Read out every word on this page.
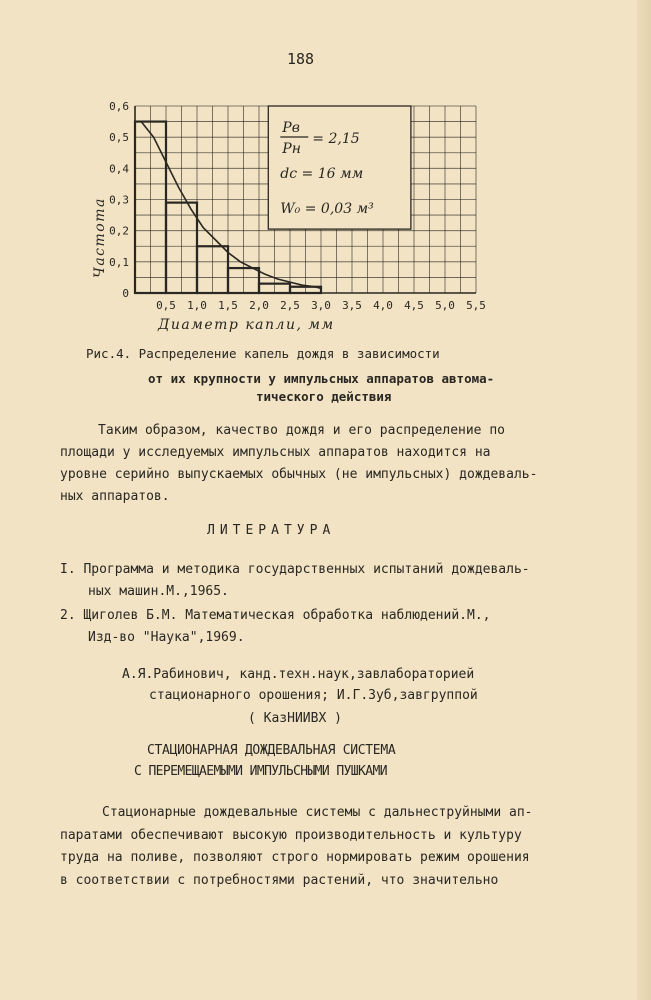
188
0
0,1
0,2
0,3
0,4
0,5
0,6
0,5 1,0 1,5 2,0 2,5 3,0 3,5 4,0 4,5 5,0 5,5
Диаметр капли, мм
Частота
Pв
Pн
= 2,15
dс = 16 мм
W₀ = 0,03 м³
Рис.4. Распределение капель дождя в зависимости
от их крупности у импульсных аппаратов автома-
тического действия
Таким образом, качество дождя и его распределение по
площади у исследуемых импульсных аппаратов находится на
уровне серийно выпускаемых обычных (не импульсных) дождеваль-
ных аппаратов.
ЛИТЕРАТУРА
I. Программа и методика государственных испытаний дождеваль-
ных машин.М.,1965.
2. Щиголев Б.М. Математическая обработка наблюдений.М.,
Изд-во "Наука",1969.
А.Я.Рабинович, канд.техн.наук,завлабораторией
стационарного орошения; И.Г.Зуб,завгруппой
( КазНИИВХ )
СТАЦИОНАРНАЯ ДОЖДЕВАЛЬНАЯ СИСТЕМА
С ПЕРЕМЕЩАЕМЫМИ ИМПУЛЬСНЫМИ ПУШКАМИ
Стационарные дождевальные системы с дальнеструйными ап-
паратами обеспечивают высокую производительность и культуру
труда на поливе, позволяют строго нормировать режим орошения
в соответствии с потребностями растений, что значительно
